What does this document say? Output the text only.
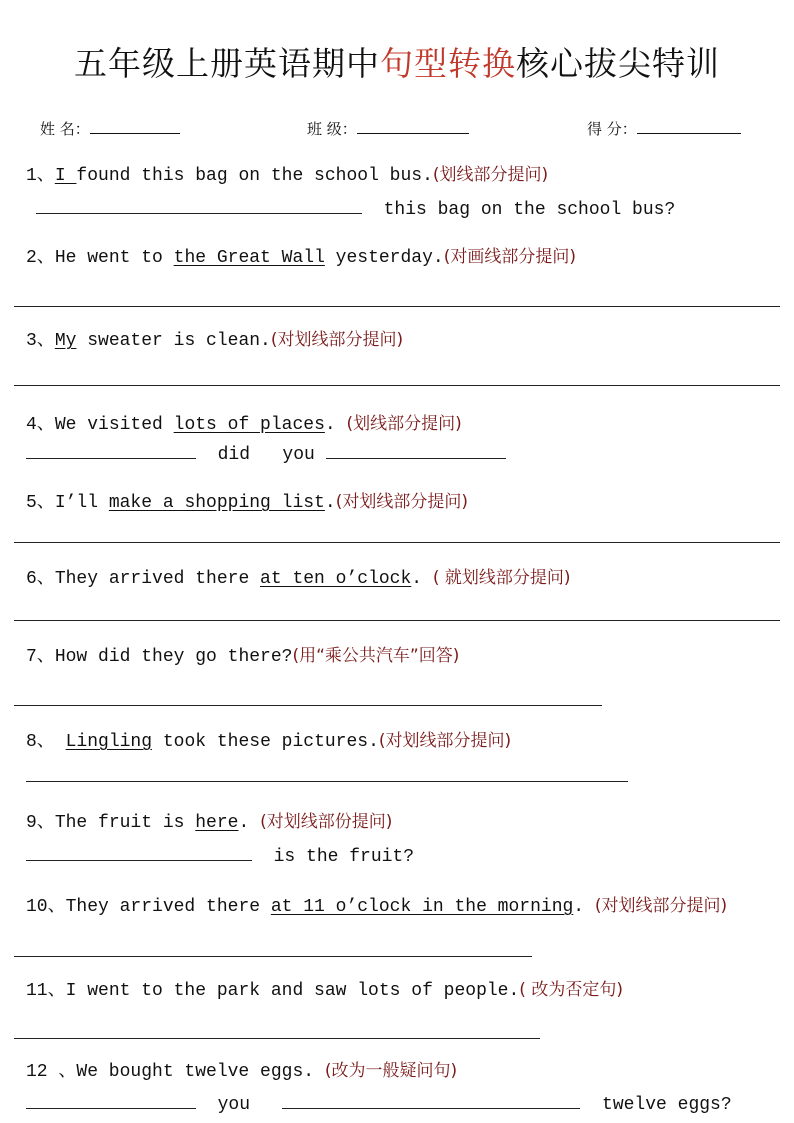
五年级上册英语期中句型转换核心拔尖特训
姓 名：	班 级：	得 分：
1、I found this bag on the school bus.(划线部分提问)
this bag on the school bus?
2、He went to the Great Wall yesterday.(对画线部分提问)
3、My sweater is clean.(对划线部分提问)
4、We visited lots of places. (划线部分提问)
did you
5、I’ll make a shopping list.(对划线部分提问)
6、They arrived there at ten o’clock. ( 就划线部分提问)
7、How did they go there?(用“乘公共汽车”回答)
8、 Lingling took these pictures.(对划线部分提问)
9、The fruit is here. (对划线部份提问)
is the fruit?
10、They arrived there at 11 o’clock in the morning. (对划线部分提问)
11、I went to the park and saw lots of people.( 改为否定句)
12 、We bought twelve eggs. (改为一般疑问句)
you	twelve eggs?
